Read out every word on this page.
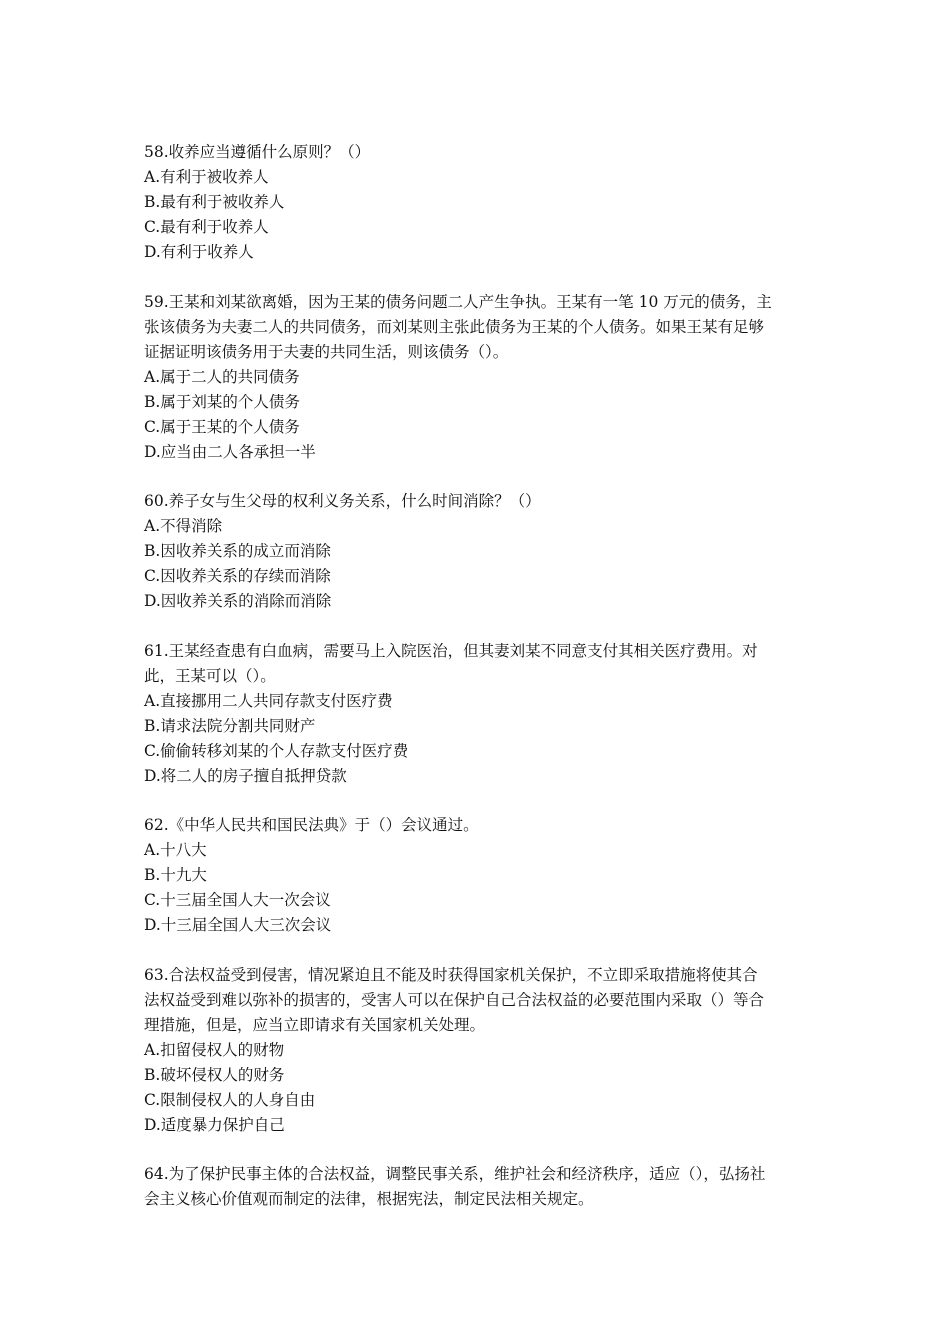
58.收养应当遵循什么原则？（）

A.有利于被收养人

B.最有利于被收养人

C.最有利于收养人

D.有利于收养人

59.王某和刘某欲离婚，因为王某的债务问题二人产生争执。王某有一笔 10 万元的债务，主

张该债务为夫妻二人的共同债务，而刘某则主张此债务为王某的个人债务。如果王某有足够

证据证明该债务用于夫妻的共同生活，则该债务（）。

A.属于二人的共同债务

B.属于刘某的个人债务

C.属于王某的个人债务

D.应当由二人各承担一半

60.养子女与生父母的权利义务关系，什么时间消除？（）

A.不得消除

B.因收养关系的成立而消除

C.因收养关系的存续而消除

D.因收养关系的消除而消除

61.王某经查患有白血病，需要马上入院医治，但其妻刘某不同意支付其相关医疗费用。对

此，王某可以（）。

A.直接挪用二人共同存款支付医疗费

B.请求法院分割共同财产

C.偷偷转移刘某的个人存款支付医疗费

D.将二人的房子擅自抵押贷款

62.《中华人民共和国民法典》于（）会议通过。

A.十八大

B.十九大

C.十三届全国人大一次会议

D.十三届全国人大三次会议

63.合法权益受到侵害，情况紧迫且不能及时获得国家机关保护，不立即采取措施将使其合

法权益受到难以弥补的损害的，受害人可以在保护自己合法权益的必要范围内采取（）等合

理措施，但是，应当立即请求有关国家机关处理。

A.扣留侵权人的财物

B.破坏侵权人的财务

C.限制侵权人的人身自由

D.适度暴力保护自己

64.为了保护民事主体的合法权益，调整民事关系，维护社会和经济秩序，适应（），弘扬社

会主义核心价值观而制定的法律，根据宪法，制定民法相关规定。
